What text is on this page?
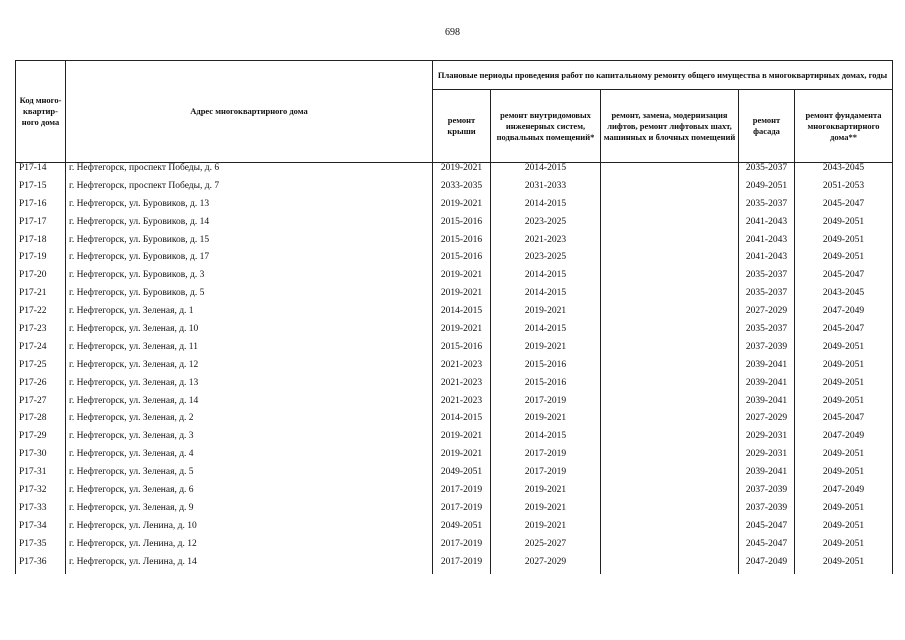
698
Код много-квартир-ного дома	Адрес многоквартирного дома	Плановые периоды проведения работ по капитальному ремонту общего имущества в многоквартирных домах, годы				
		ремонт крыши	ремонт внутридомовых инженерных систем, подвальных помещений*	ремонт, замена, модернизация лифтов, ремонт лифтовых шахт, машинных и блочных помещений	ремонт фасада	ремонт фундамента многоквартирного дома**
Р17-14	г. Нефтегорск, проспект Победы, д. 6	2019-2021	2014-2015		2035-2037	2043-2045
Р17-15	г. Нефтегорск, проспект Победы, д. 7	2033-2035	2031-2033		2049-2051	2051-2053
Р17-16	г. Нефтегорск, ул. Буровиков, д. 13	2019-2021	2014-2015		2035-2037	2045-2047
Р17-17	г. Нефтегорск, ул. Буровиков, д. 14	2015-2016	2023-2025		2041-2043	2049-2051
Р17-18	г. Нефтегорск, ул. Буровиков, д. 15	2015-2016	2021-2023		2041-2043	2049-2051
Р17-19	г. Нефтегорск, ул. Буровиков, д. 17	2015-2016	2023-2025		2041-2043	2049-2051
Р17-20	г. Нефтегорск, ул. Буровиков, д. 3	2019-2021	2014-2015		2035-2037	2045-2047
Р17-21	г. Нефтегорск, ул. Буровиков, д. 5	2019-2021	2014-2015		2035-2037	2043-2045
Р17-22	г. Нефтегорск, ул. Зеленая, д. 1	2014-2015	2019-2021		2027-2029	2047-2049
Р17-23	г. Нефтегорск, ул. Зеленая, д. 10	2019-2021	2014-2015		2035-2037	2045-2047
Р17-24	г. Нефтегорск, ул. Зеленая, д. 11	2015-2016	2019-2021		2037-2039	2049-2051
Р17-25	г. Нефтегорск, ул. Зеленая, д. 12	2021-2023	2015-2016		2039-2041	2049-2051
Р17-26	г. Нефтегорск, ул. Зеленая, д. 13	2021-2023	2015-2016		2039-2041	2049-2051
Р17-27	г. Нефтегорск, ул. Зеленая, д. 14	2021-2023	2017-2019		2039-2041	2049-2051
Р17-28	г. Нефтегорск, ул. Зеленая, д. 2	2014-2015	2019-2021		2027-2029	2045-2047
Р17-29	г. Нефтегорск, ул. Зеленая, д. 3	2019-2021	2014-2015		2029-2031	2047-2049
Р17-30	г. Нефтегорск, ул. Зеленая, д. 4	2019-2021	2017-2019		2029-2031	2049-2051
Р17-31	г. Нефтегорск, ул. Зеленая, д. 5	2049-2051	2017-2019		2039-2041	2049-2051
Р17-32	г. Нефтегорск, ул. Зеленая, д. 6	2017-2019	2019-2021		2037-2039	2047-2049
Р17-33	г. Нефтегорск, ул. Зеленая, д. 9	2017-2019	2019-2021		2037-2039	2049-2051
Р17-34	г. Нефтегорск, ул. Ленина, д. 10	2049-2051	2019-2021		2045-2047	2049-2051
Р17-35	г. Нефтегорск, ул. Ленина, д. 12	2017-2019	2025-2027		2045-2047	2049-2051
Р17-36	г. Нефтегорск, ул. Ленина, д. 14	2017-2019	2027-2029		2047-2049	2049-2051
